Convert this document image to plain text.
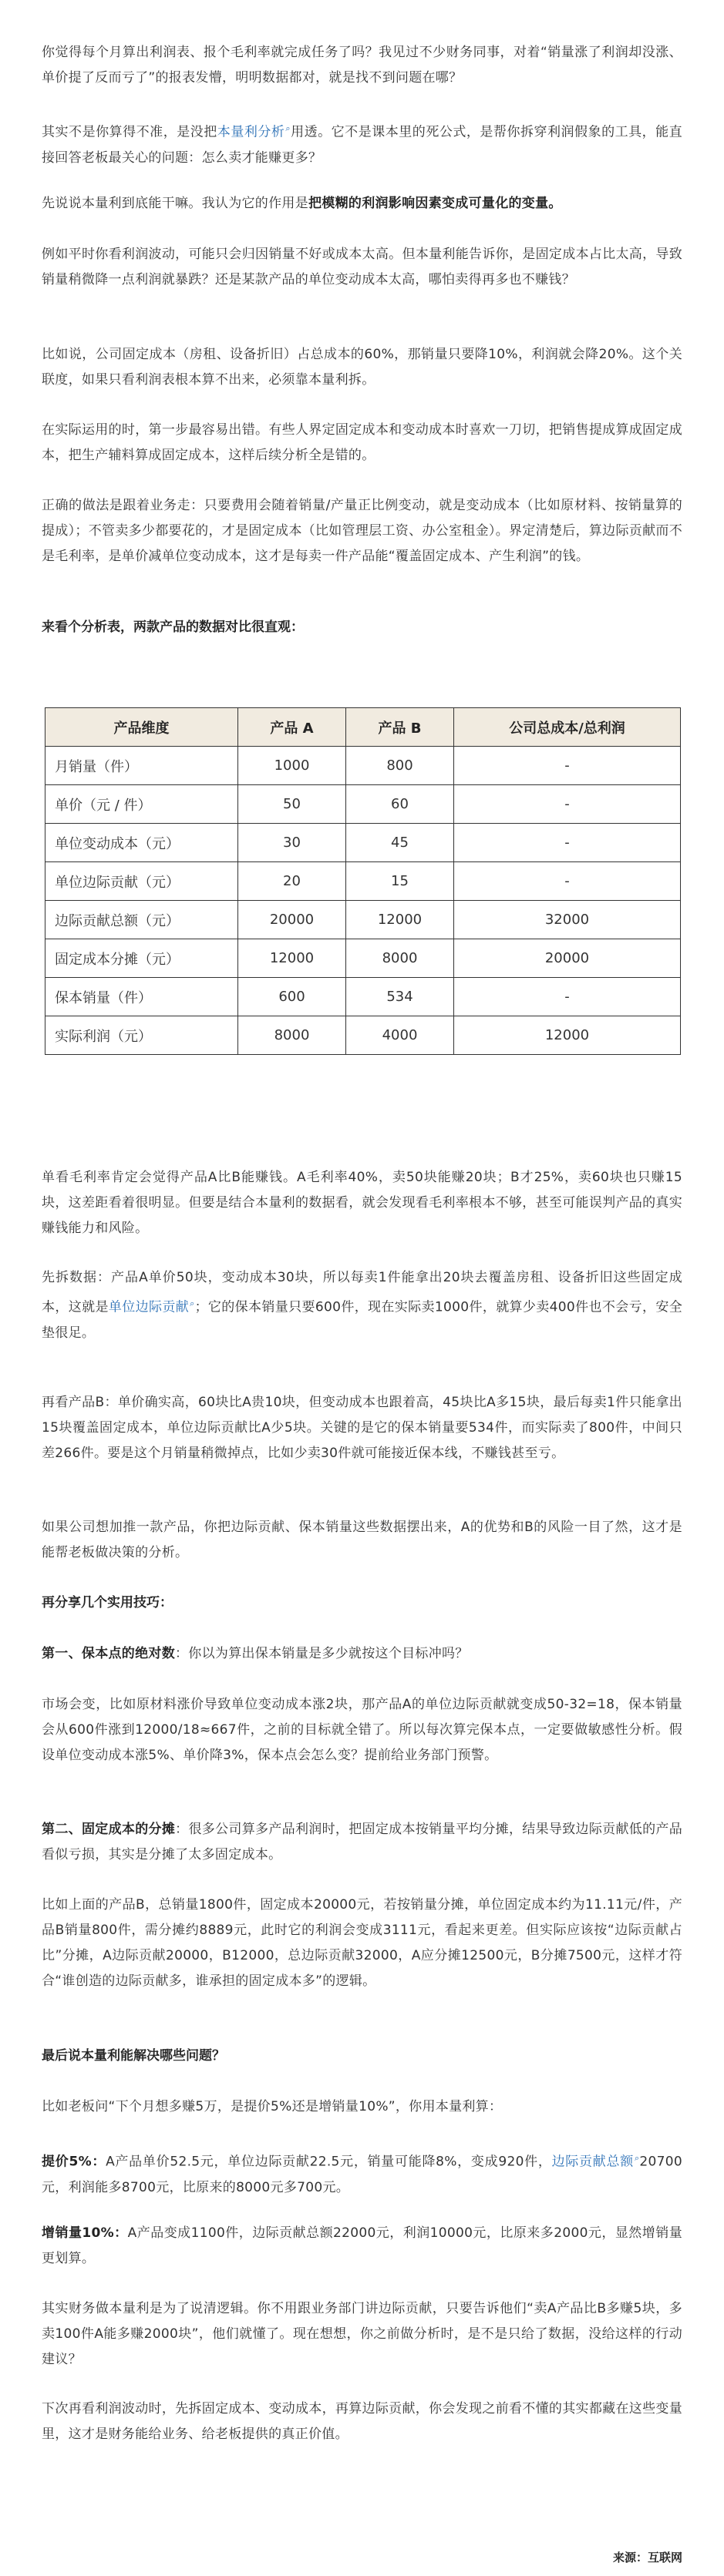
你觉得每个月算出利润表、报个毛利率就完成任务了吗？我见过不少财务同事，对着“销量涨了利润却没涨、单价提了反而亏了”的报表发懵，明明数据都对，就是找不到问题在哪？

其实不是你算得不准，是没把本量利分析⌕用透。它不是课本里的死公式，是帮你拆穿利润假象的工具，能直接回答老板最关心的问题：怎么卖才能赚更多？

先说说本量利到底能干嘛。我认为它的作用是把模糊的利润影响因素变成可量化的变量。

例如平时你看利润波动，可能只会归因销量不好或成本太高。但本量利能告诉你，是固定成本占比太高，导致销量稍微降一点利润就暴跌？还是某款产品的单位变动成本太高，哪怕卖得再多也不赚钱？

比如说，公司固定成本（房租、设备折旧）占总成本的60%，那销量只要降10%，利润就会降20%。这个关联度，如果只看利润表根本算不出来，必须靠本量利拆。

在实际运用的时，第一步最容易出错。有些人界定固定成本和变动成本时喜欢一刀切，把销售提成算成固定成本，把生产辅料算成固定成本，这样后续分析全是错的。

正确的做法是跟着业务走：只要费用会随着销量/产量正比例变动，就是变动成本（比如原材料、按销量算的提成）；不管卖多少都要花的，才是固定成本（比如管理层工资、办公室租金）。界定清楚后，算边际贡献而不是毛利率，是单价减单位变动成本，这才是每卖一件产品能“覆盖固定成本、产生利润”的钱。

来看个分析表，两款产品的数据对比很直观：

产品维度	产品 A	产品 B	公司总成本/总利润
月销量（件）	1000	800	-
单价（元 / 件）	50	60	-
单位变动成本（元）	30	45	-
单位边际贡献（元）	20	15	-
边际贡献总额（元）	20000	12000	32000
固定成本分摊（元）	12000	8000	20000
保本销量（件）	600	534	-
实际利润（元）	8000	4000	12000

单看毛利率肯定会觉得产品A比B能赚钱。A毛利率40%，卖50块能赚20块；B才25%，卖60块也只赚15块，这差距看着很明显。但要是结合本量利的数据看，就会发现看毛利率根本不够，甚至可能误判产品的真实赚钱能力和风险。

先拆数据：产品A单价50块，变动成本30块，所以每卖1件能拿出20块去覆盖房租、设备折旧这些固定成本，这就是单位边际贡献⌕；它的保本销量只要600件，现在实际卖1000件，就算少卖400件也不会亏，安全垫很足。

再看产品B：单价确实高，60块比A贵10块，但变动成本也跟着高，45块比A多15块，最后每卖1件只能拿出15块覆盖固定成本，单位边际贡献比A少5块。关键的是它的保本销量要534件，而实际卖了800件，中间只差266件。要是这个月销量稍微掉点，比如少卖30件就可能接近保本线，不赚钱甚至亏。

如果公司想加推一款产品，你把边际贡献、保本销量这些数据摆出来，A的优势和B的风险一目了然，这才是能帮老板做决策的分析。

再分享几个实用技巧：

第一、保本点的绝对数：你以为算出保本销量是多少就按这个目标冲吗？

市场会变，比如原材料涨价导致单位变动成本涨2块，那产品A的单位边际贡献就变成50-32=18，保本销量会从600件涨到12000/18≈667件，之前的目标就全错了。所以每次算完保本点，一定要做敏感性分析。假设单位变动成本涨5%、单价降3%，保本点会怎么变？提前给业务部门预警。

第二、固定成本的分摊：很多公司算多产品利润时，把固定成本按销量平均分摊，结果导致边际贡献低的产品看似亏损，其实是分摊了太多固定成本。

比如上面的产品B，总销量1800件，固定成本20000元，若按销量分摊，单位固定成本约为11.11元/件，产品B销量800件，需分摊约8889元，此时它的利润会变成3111元，看起来更差。但实际应该按“边际贡献占比”分摊，A边际贡献20000，B12000，总边际贡献32000，A应分摊12500元，B分摊7500元，这样才符合“谁创造的边际贡献多，谁承担的固定成本多”的逻辑。

最后说本量利能解决哪些问题？

比如老板问“下个月想多赚5万，是提价5%还是增销量10%”，你用本量利算：

提价5%：A产品单价52.5元，单位边际贡献22.5元，销量可能降8%，变成920件，边际贡献总额⌕20700元，利润能多8700元，比原来的8000元多700元。

增销量10%：A产品变成1100件，边际贡献总额22000元，利润10000元，比原来多2000元，显然增销量更划算。

其实财务做本量利是为了说清逻辑。你不用跟业务部门讲边际贡献，只要告诉他们“卖A产品比B多赚5块，多卖100件A能多赚2000块”，他们就懂了。现在想想，你之前做分析时，是不是只给了数据，没给这样的行动建议？

下次再看利润波动时，先拆固定成本、变动成本，再算边际贡献，你会发现之前看不懂的其实都藏在这些变量里，这才是财务能给业务、给老板提供的真正价值。

来源：互联网
